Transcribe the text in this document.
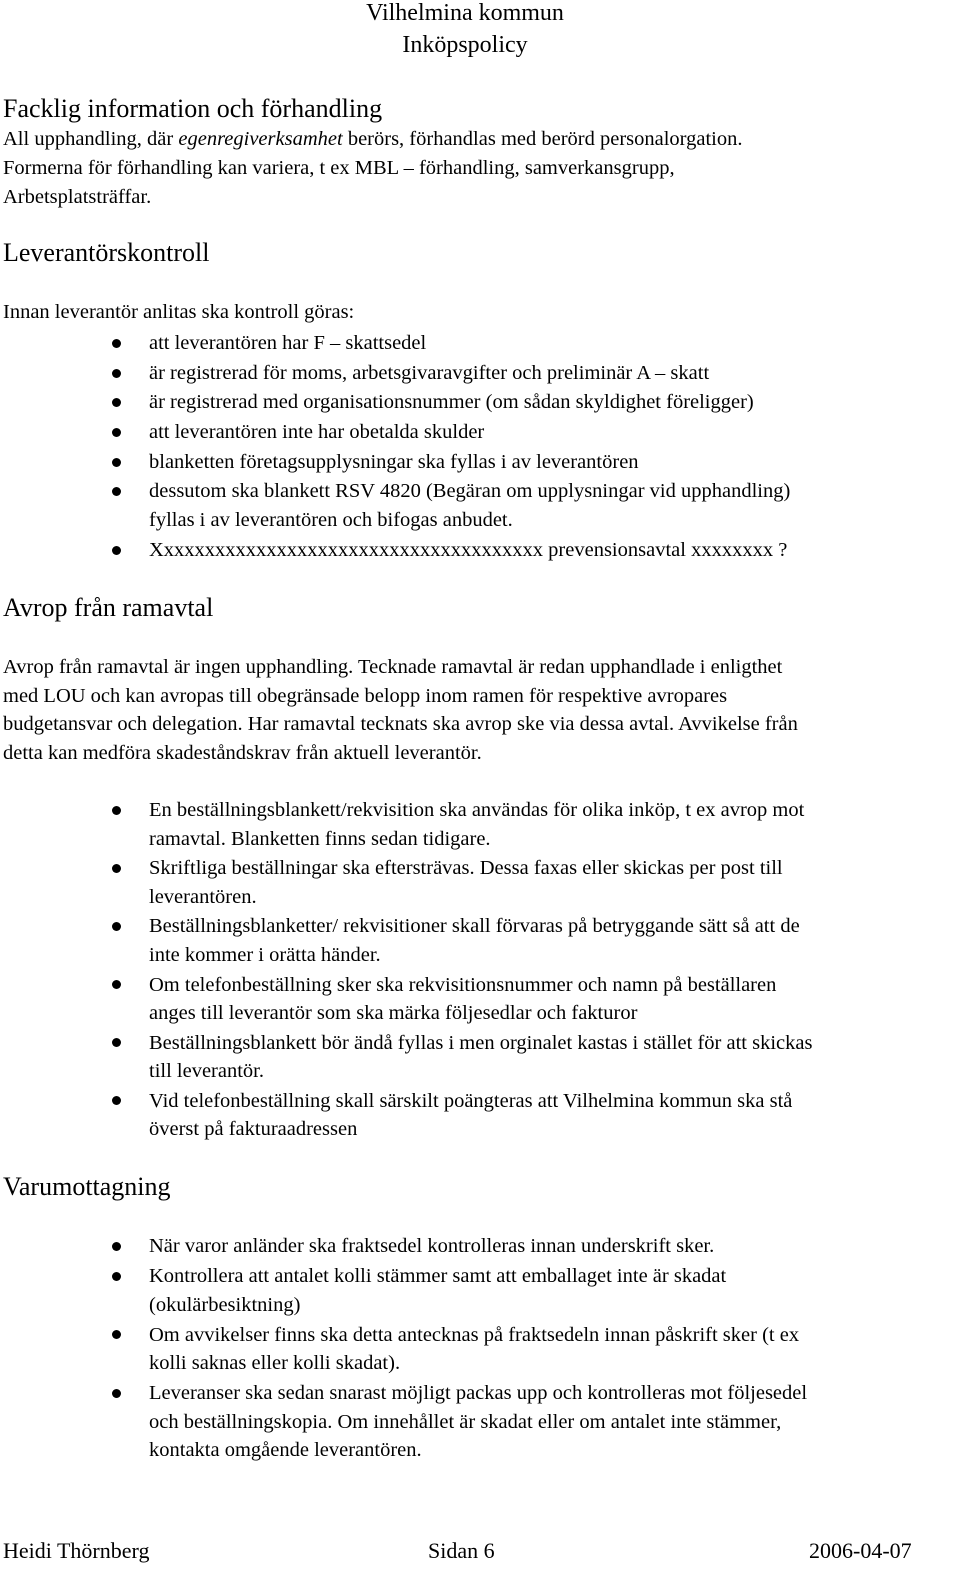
Vilhelmina kommun
Inköpspolicy
Facklig information och förhandling
All upphandling, där egenregiverksamhet berörs, förhandlas med berörd personalorgation.
Formerna för förhandling kan variera, t ex MBL – förhandling, samverkansgrupp,
Arbetsplatsträffar.
Leverantörskontroll
Innan leverantör anlitas ska kontroll göras:
att leverantören har F – skattsedel
är registrerad för moms, arbetsgivaravgifter och preliminär A – skatt
är registrerad med organisationsnummer (om sådan skyldighet föreligger)
att leverantören inte har obetalda skulder
blanketten företagsupplysningar ska fyllas i av leverantören
dessutom ska blankett RSV 4820 (Begäran om upplysningar vid upphandling)
fyllas i av leverantören och bifogas anbudet.
Xxxxxxxxxxxxxxxxxxxxxxxxxxxxxxxxxxxxxx prevensionsavtal xxxxxxxx ?
Avrop från ramavtal
Avrop från ramavtal är ingen upphandling. Tecknade ramavtal är redan upphandlade i enligthet
med LOU och kan avropas till obegränsade belopp inom ramen för respektive avropares
budgetansvar och delegation. Har ramavtal tecknats ska avrop ske via dessa avtal. Avvikelse från
detta kan medföra skadeståndskrav från aktuell leverantör.
En beställningsblankett/rekvisition ska användas för olika inköp, t ex avrop mot
ramavtal. Blanketten finns sedan tidigare.
Skriftliga beställningar ska eftersträvas. Dessa faxas eller skickas per post till
leverantören.
Beställningsblanketter/ rekvisitioner skall förvaras på betryggande sätt så att de
inte kommer i orätta händer.
Om telefonbeställning sker ska rekvisitionsnummer och namn på beställaren
anges till leverantör som ska märka följesedlar och fakturor
Beställningsblankett bör ändå fyllas i men orginalet kastas i stället för att skickas
till leverantör.
Vid telefonbeställning skall särskilt poängteras att Vilhelmina kommun ska stå
överst på fakturaadressen
Varumottagning
När varor anländer ska fraktsedel kontrolleras innan underskrift sker.
Kontrollera att antalet kolli stämmer samt att emballaget inte är skadat
(okulärbesiktning)
Om avvikelser finns ska detta antecknas på fraktsedeln innan påskrift sker (t ex
kolli saknas eller kolli skadat).
Leveranser ska sedan snarast möjligt packas upp och kontrolleras mot följesedel
och beställningskopia. Om innehållet är skadat eller om antalet inte stämmer,
kontakta omgående leverantören.
Heidi Thörnberg	Sidan 6	2006-04-07
